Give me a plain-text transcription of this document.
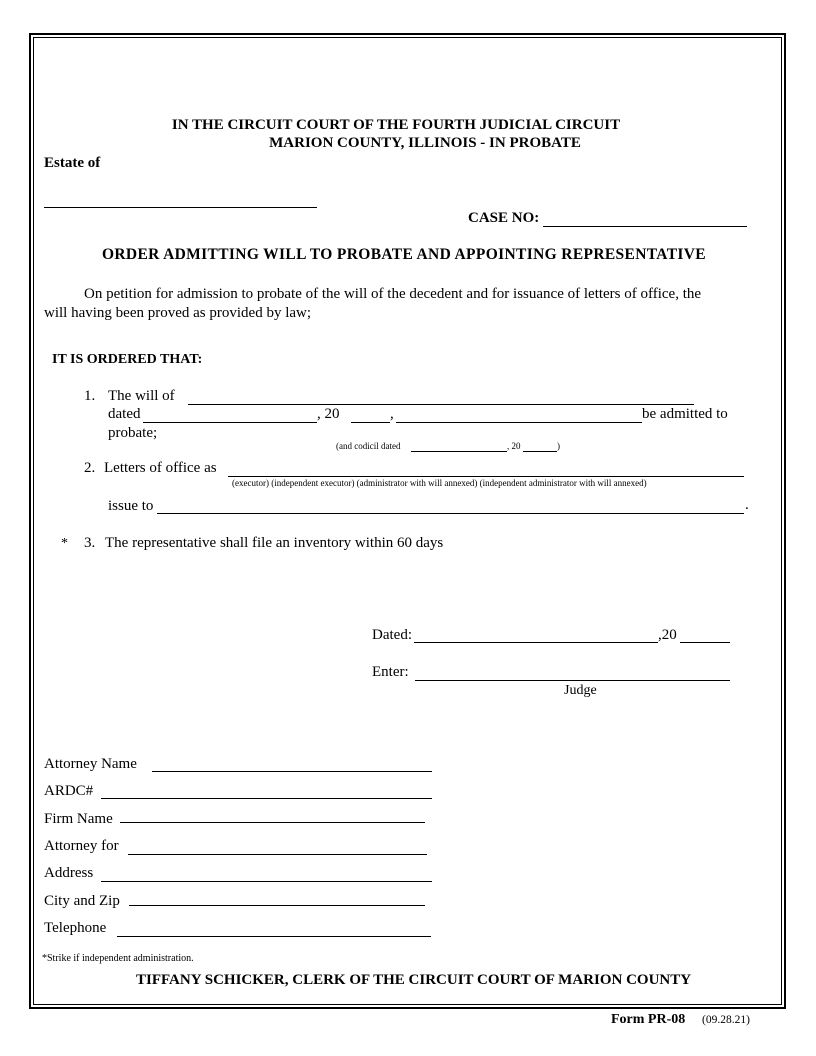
IN THE CIRCUIT COURT OF THE FOURTH JUDICIAL CIRCUIT
MARION COUNTY, ILLINOIS - IN PROBATE
Estate of
CASE NO:
ORDER ADMITTING WILL TO PROBATE AND APPOINTING REPRESENTATIVE
On petition for admission to probate of the will of the decedent and for issuance of letters of office, the
will having been proved as provided by law;
IT IS ORDERED THAT:
1. The will of
dated	, 20	,	be admitted to
probate;
(and codicil dated	, 20	)
2. Letters of office as
(executor) (independent executor) (administrator with will annexed) (independent administrator with will annexed)
issue to	.
* 3. The representative shall file an inventory within 60 days
Dated:	,20
Enter:
Judge
Attorney Name
ARDC#
Firm Name
Attorney for
Address
City and Zip
Telephone
*Strike if independent administration.
TIFFANY SCHICKER, CLERK OF THE CIRCUIT COURT OF MARION COUNTY
Form PR-08 (09.28.21)
